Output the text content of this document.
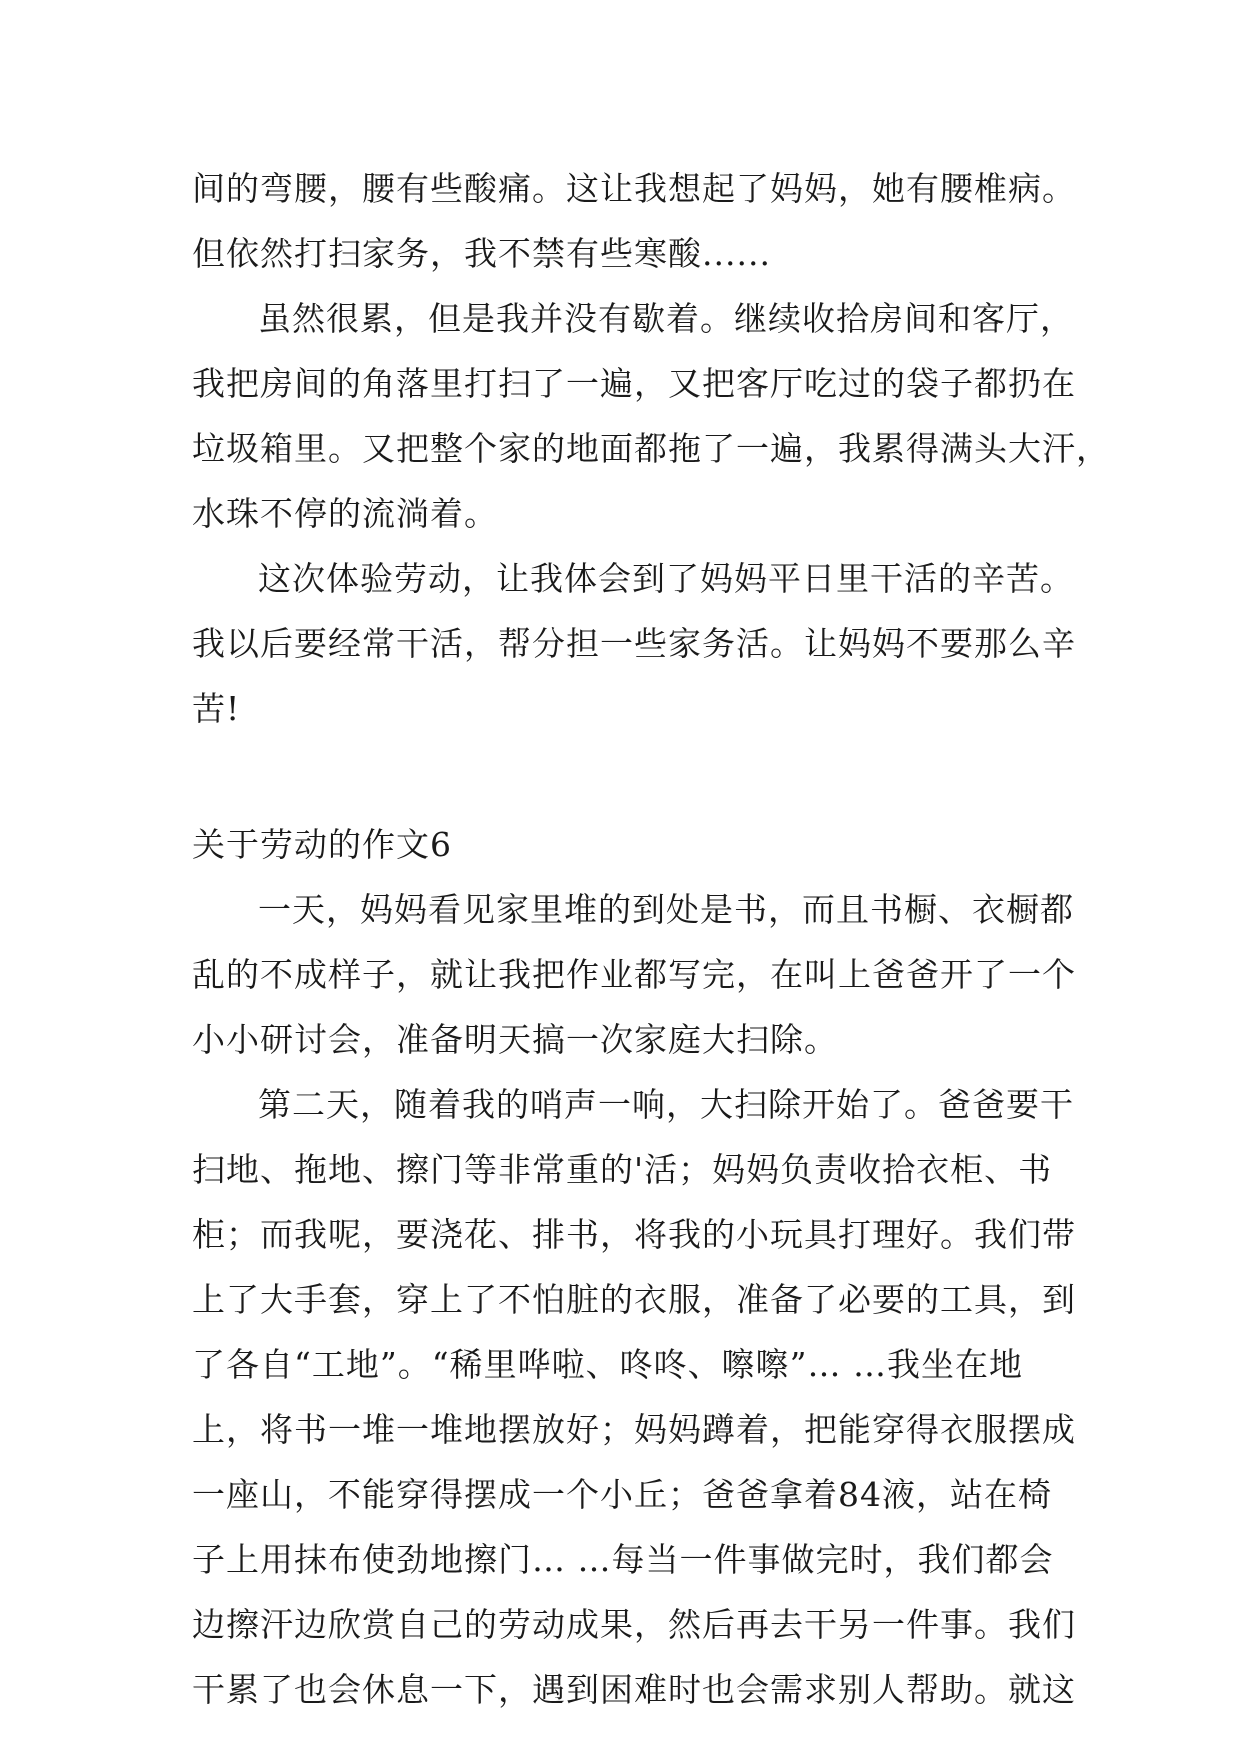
间的弯腰，腰有些酸痛。这让我想起了妈妈，她有腰椎病。
但依然打扫家务，我不禁有些寒酸......
虽然很累，但是我并没有歇着。继续收拾房间和客厅，
我把房间的角落里打扫了一遍，又把客厅吃过的袋子都扔在
垃圾箱里。又把整个家的地面都拖了一遍，我累得满头大汗，
水珠不停的流淌着。
这次体验劳动，让我体会到了妈妈平日里干活的辛苦。
我以后要经常干活，帮分担一些家务活。让妈妈不要那么辛
苦!
关于劳动的作文6
一天，妈妈看见家里堆的到处是书，而且书橱、衣橱都
乱的不成样子，就让我把作业都写完，在叫上爸爸开了一个
小小研讨会，准备明天搞一次家庭大扫除。
第二天，随着我的哨声一响，大扫除开始了。爸爸要干
扫地、拖地、擦门等非常重的'活；妈妈负责收拾衣柜、书
柜；而我呢，要浇花、排书，将我的小玩具打理好。我们带
上了大手套，穿上了不怕脏的衣服，准备了必要的工具，到
了各自“工地”。“稀里哗啦、咚咚、嚓嚓”… …我坐在地
上，将书一堆一堆地摆放好；妈妈蹲着，把能穿得衣服摆成
一座山，不能穿得摆成一个小丘；爸爸拿着84液，站在椅
子上用抹布使劲地擦门… …每当一件事做完时，我们都会
边擦汗边欣赏自己的劳动成果，然后再去干另一件事。我们
干累了也会休息一下，遇到困难时也会需求别人帮助。就这
